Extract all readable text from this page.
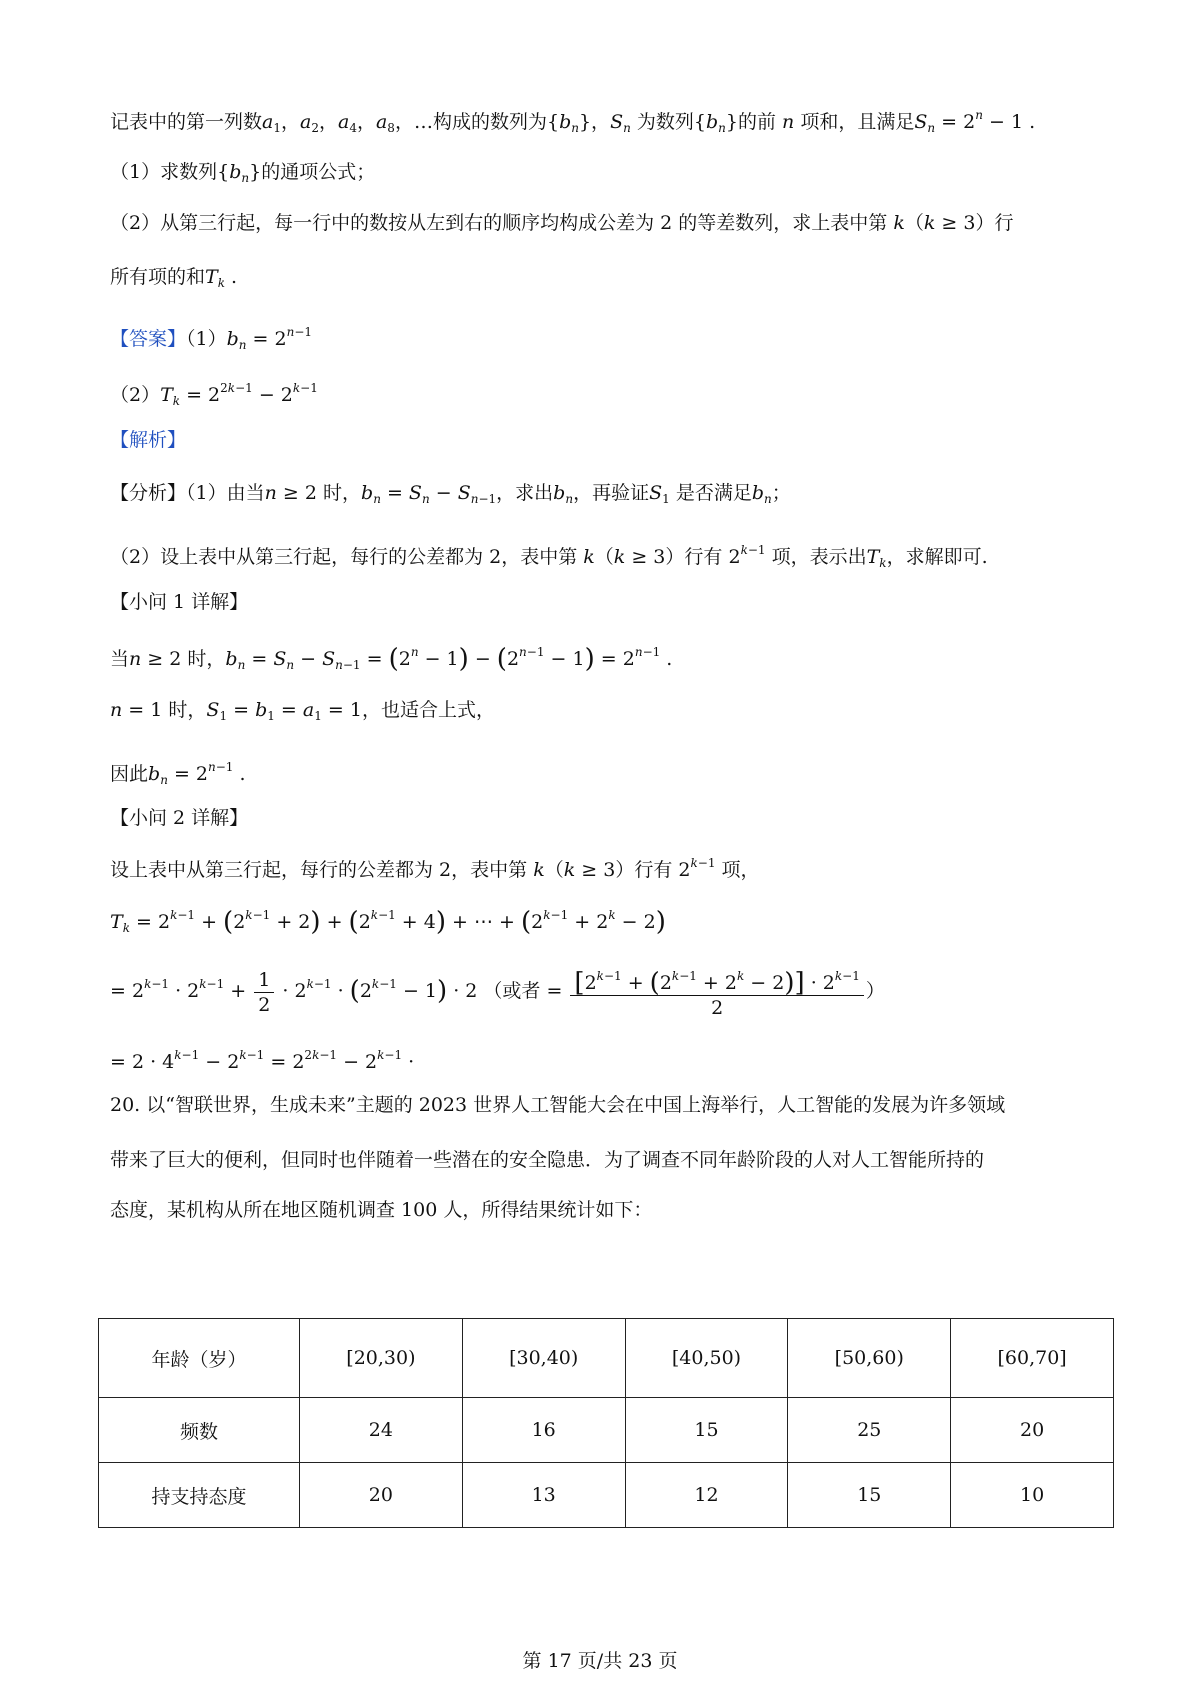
记表中的第一列数$a_1$，$a_2$，$a_4$，$a_8$，…构成的数列为$\{b_n\}$，$S_n$ 为数列$\{b_n\}$的前 n 项和，且满足$S_n = 2^n - 1$ .
（1）求数列$\{b_n\}$的通项公式；
（2）从第三行起，每一行中的数按从左到右的顺序均构成公差为 2 的等差数列，求上表中第 k（k ≥ 3）行
所有项的和$T_k$ .
【答案】$(1)b_n = 2^{n-1}$
$(2)T_k = 2^{2k-1} - 2^{k-1}$
【解析】
【分析】（1）由当n ≥ 2 时，$b_n = S_n - S_{n-1}$，求出$b_n$，再验证$S_1$ 是否满足$b_n$；
（2）设上表中从第三行起，每行的公差都为 2，表中第 k（k ≥ 3）行有 $2^{k-1}$ 项，表示出$T_k$，求解即可.
【小问 1 详解】
当n ≥ 2 时，$b_n = S_n - S_{n-1} = (2^n - 1) - (2^{n-1} - 1) = 2^{n-1}$ .
n = 1 时，$S_1 = b_1 = a_1 = 1$，也适合上式，
因此$b_n = 2^{n-1}$ .
【小问 2 详解】
设上表中从第三行起，每行的公差都为 2，表中第 k（k ≥ 3）行有 $2^{k-1}$ 项，
$T_k = 2^{k-1} + (2^{k-1} + 2) + (2^{k-1} + 4)$ + ⋯ + $(2^{k-1} + 2^k - 2)$
= $2^{k-1} \cdot 2^{k-1} + \frac{1}{2} \cdot 2^{k-1} \cdot (2^{k-1} - 1) \cdot 2$ （或者 = $\frac{[2^{k-1} + (2^{k-1} + 2^k - 2)] \cdot 2^{k-1}}{2}$ ）
= $2 \cdot 4^{k-1} - 2^{k-1} = 2^{2k-1} - 2^{k-1}$ ·
20. 以“智联世界，生成未来”主题的 2023 世界人工智能大会在中国上海举行，人工智能的发展为许多领域
带来了巨大的便利，但同时也伴随着一些潜在的安全隐患．为了调查不同年龄阶段的人对人工智能所持的
态度，某机构从所在地区随机调查 100 人，所得结果统计如下：
年龄（岁）	[20,30)	[30,40)	[40,50)	[50,60)	[60,70]
频数	24	16	15	25	20
持支持态度	20	13	12	15	10
第 17 页/共 23 页
